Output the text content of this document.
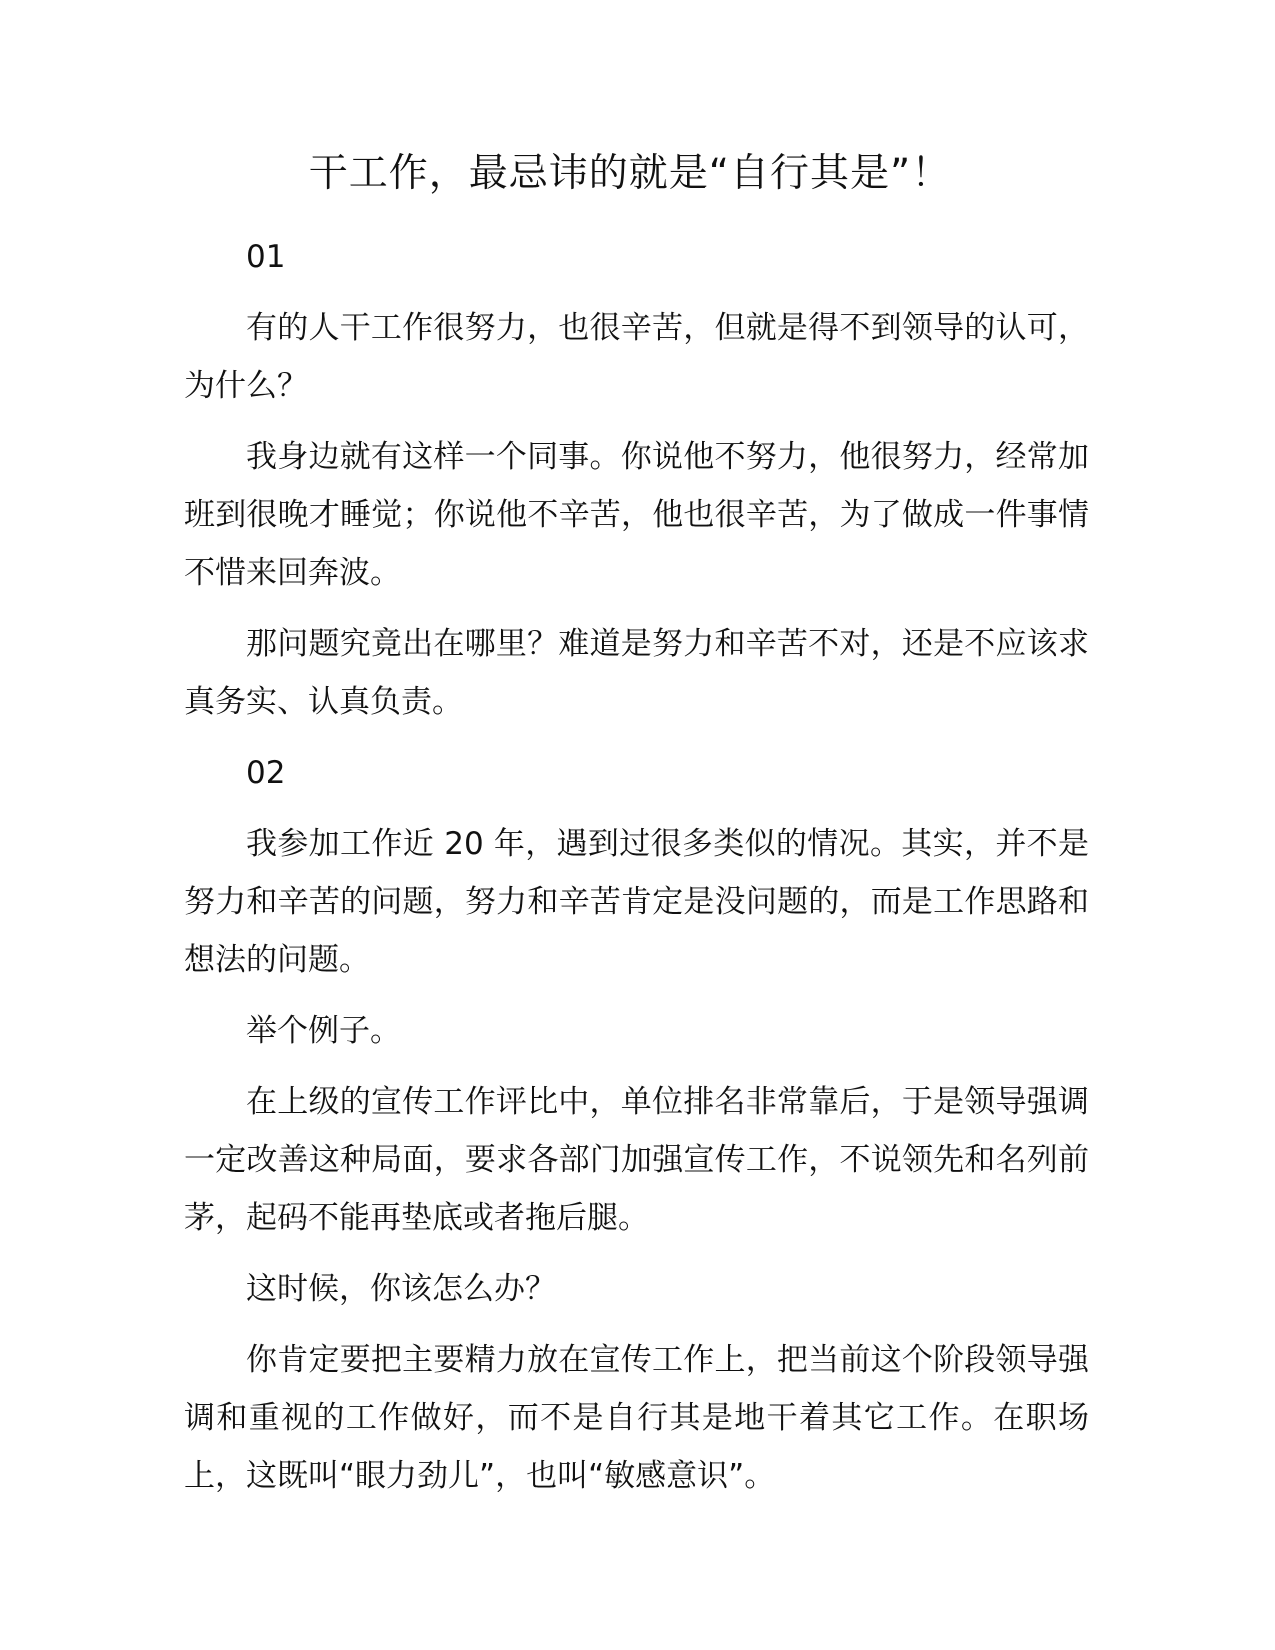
干工作，最忌讳的就是“自行其是”！

01

有的人干工作很努力，也很辛苦，但就是得不到领导的认可，为什么？

我身边就有这样一个同事。你说他不努力，他很努力，经常加班到很晚才睡觉；你说他不辛苦，他也很辛苦，为了做成一件事情不惜来回奔波。

那问题究竟出在哪里？难道是努力和辛苦不对，还是不应该求真务实、认真负责。

02

我参加工作近 20 年，遇到过很多类似的情况。其实，并不是努力和辛苦的问题，努力和辛苦肯定是没问题的，而是工作思路和想法的问题。

举个例子。

在上级的宣传工作评比中，单位排名非常靠后，于是领导强调一定改善这种局面，要求各部门加强宣传工作，不说领先和名列前茅，起码不能再垫底或者拖后腿。

这时候，你该怎么办？

你肯定要把主要精力放在宣传工作上，把当前这个阶段领导强调和重视的工作做好，而不是自行其是地干着其它工作。在职场上，这既叫“眼力劲儿”，也叫“敏感意识”。
